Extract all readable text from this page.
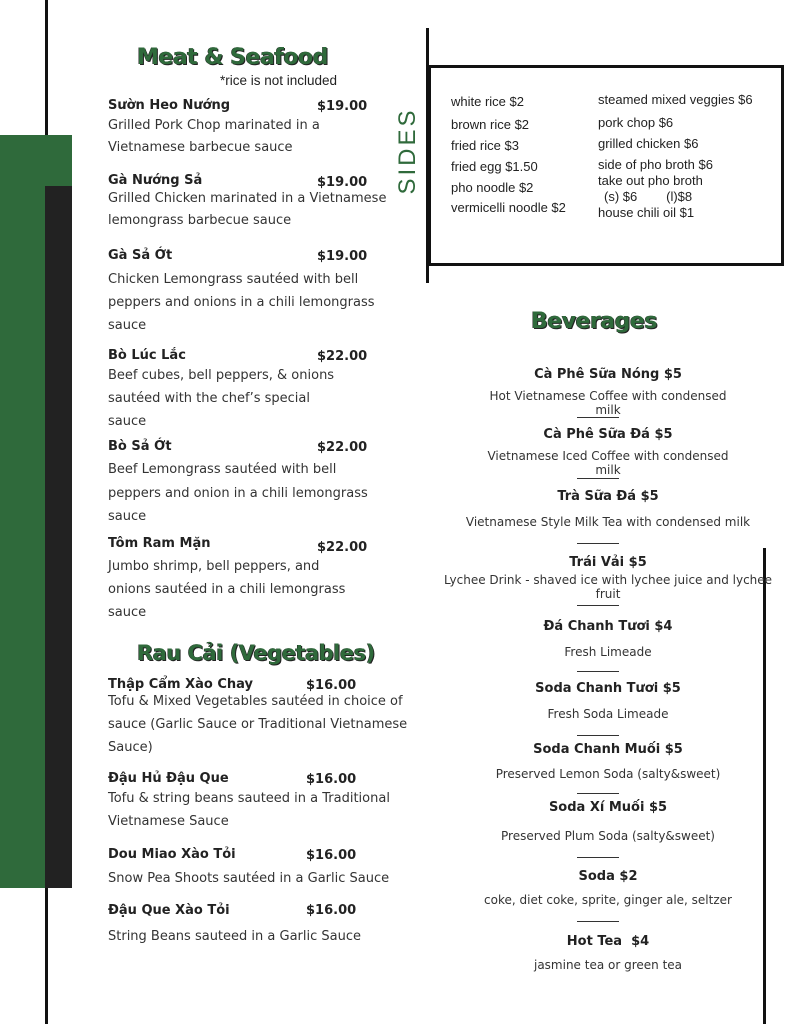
Meat & Seafood
*rice is not included
Sườn Heo Nướng	$19.00
Grilled Pork Chop marinated in a
Vietnamese barbecue sauce
Gà Nướng Sả	$19.00
Grilled Chicken marinated in a Vietnamese
lemongrass barbecue sauce
Gà Sả Ớt	$19.00
Chicken Lemongrass sautéed with bell
peppers and onions in a chili lemongrass
sauce
Bò Lúc Lắc	$22.00
Beef cubes, bell peppers, & onions
sautéed with the chef’s special
sauce
Bò Sả Ớt	$22.00
Beef Lemongrass sautéed with bell
peppers and onion in a chili lemongrass
sauce
Tôm Ram Mặn	$22.00
Jumbo shrimp, bell peppers, and
onions sautéed in a chili lemongrass
sauce
Rau Cải (Vegetables)
Thập Cẩm Xào Chay	$16.00
Tofu & Mixed Vegetables sautéed in choice of
sauce (Garlic Sauce or Traditional Vietnamese
Sauce)
Đậu Hủ Đậu Que	$16.00
Tofu & string beans sauteed in a Traditional
Vietnamese Sauce
Dou Miao Xào Tỏi	$16.00
Snow Pea Shoots sautéed in a Garlic Sauce
Đậu Que Xào Tỏi	$16.00
String Beans sauteed in a Garlic Sauce
SIDES
white rice $2
brown rice $2
fried rice $3
fried egg $1.50
pho noodle $2
vermicelli noodle $2
steamed mixed veggies $6
pork chop $6
grilled chicken $6
side of pho broth $6
take out pho broth
(s) $6        (l)$8
house chili oil $1
Beverages
Cà Phê Sữa Nóng $5
Hot Vietnamese Coffee with condensed milk
Cà Phê Sữa Đá $5
Vietnamese Iced Coffee with condensed milk
Trà Sữa Đá $5
Vietnamese Style Milk Tea with condensed milk
Trái Vải $5
Lychee Drink - shaved ice with lychee juice and lychee fruit
Đá Chanh Tươi $4
Fresh Limeade
Soda Chanh Tươi $5
Fresh Soda Limeade
Soda Chanh Muối $5
Preserved Lemon Soda (salty&sweet)
Soda Xí Muối $5
Preserved Plum Soda (salty&sweet)
Soda $2
coke, diet coke, sprite, ginger ale, seltzer
Hot Tea  $4
jasmine tea or green tea
